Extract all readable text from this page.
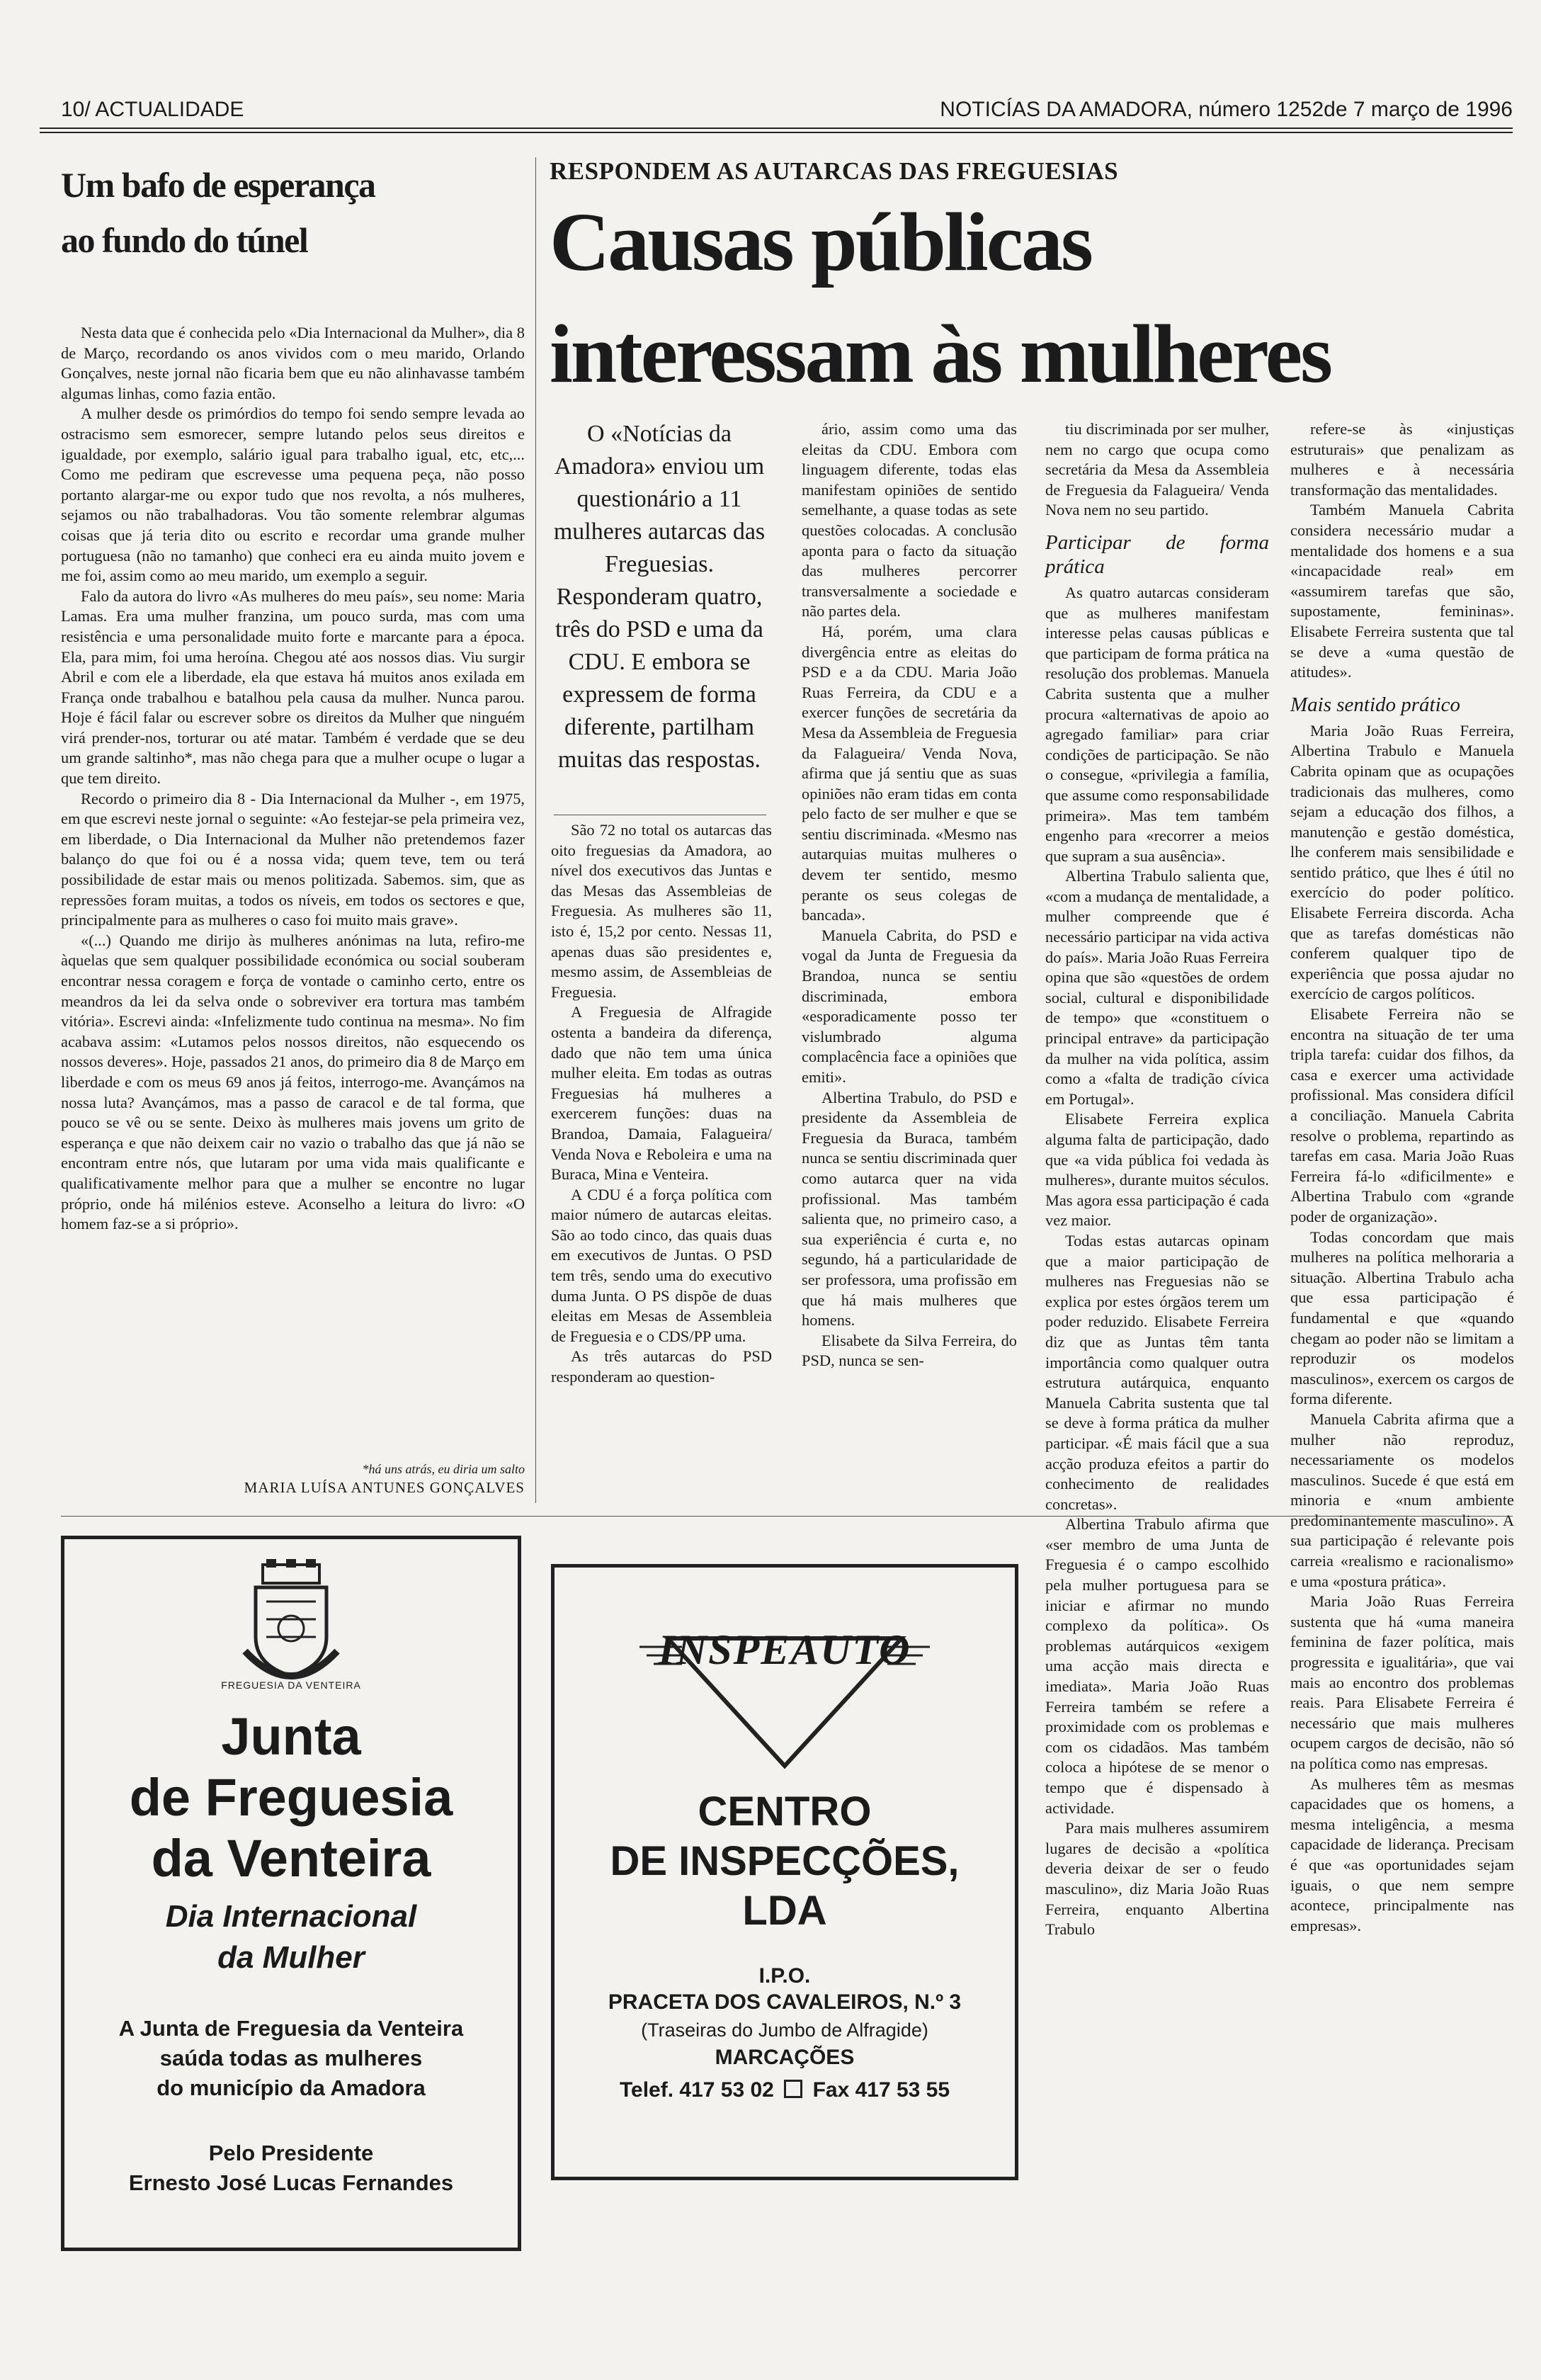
10/ ACTUALIDADE	NOTICÍAS DA AMADORA, número 1252de 7 março de 1996
Um bafo de esperança
ao fundo do túnel

Nesta data que é conhecida pelo «Dia Internacional da Mulher», dia 8 de Março, recordando os anos vividos com o meu marido, Orlando Gonçalves, neste jornal não ficaria bem que eu não alinhavasse também algumas linhas, como fazia então.

A mulher desde os primórdios do tempo foi sendo sempre levada ao ostracismo sem esmorecer, sempre lutando pelos seus direitos e igualdade, por exemplo, salário igual para trabalho igual, etc, etc,... Como me pediram que escrevesse uma pequena peça, não posso portanto alargar-me ou expor tudo que nos revolta, a nós mulheres, sejamos ou não trabalhadoras. Vou tão somente relembrar algumas coisas que já teria dito ou escrito e recordar uma grande mulher portuguesa (não no tamanho) que conheci era eu ainda muito jovem e me foi, assim como ao meu marido, um exemplo a seguir.

Falo da autora do livro «As mulheres do meu país», seu nome: Maria Lamas. Era uma mulher franzina, um pouco surda, mas com uma resistência e uma personalidade muito forte e marcante para a época. Ela, para mim, foi uma heroína. Chegou até aos nossos dias. Viu surgir Abril e com ele a liberdade, ela que estava há muitos anos exilada em França onde trabalhou e batalhou pela causa da mulher. Nunca parou. Hoje é fácil falar ou escrever sobre os direitos da Mulher que ninguém virá prender-nos, torturar ou até matar. Também é verdade que se deu um grande saltinho*, mas não chega para que a mulher ocupe o lugar a que tem direito.

Recordo o primeiro dia 8 - Dia Internacional da Mulher -, em 1975, em que escrevi neste jornal o seguinte: «Ao festejar-se pela primeira vez, em liberdade, o Dia Internacional da Mulher não pretendemos fazer balanço do que foi ou é a nossa vida; quem teve, tem ou terá possibilidade de estar mais ou menos politizada. Sabemos. sim, que as repressões foram muitas, a todos os níveis, em todos os sectores e que, principalmente para as mulheres o caso foi muito mais grave».

«(...) Quando me dirijo às mulheres anónimas na luta, refiro-me àquelas que sem qualquer possibilidade económica ou social souberam encontrar nessa coragem e força de vontade o caminho certo, entre os meandros da lei da selva onde o sobreviver era tortura mas também vitória». Escrevi ainda: «Infelizmente tudo continua na mesma». No fim acabava assim: «Lutamos pelos nossos direitos, não esquecendo os nossos deveres». Hoje, passados 21 anos, do primeiro dia 8 de Março em liberdade e com os meus 69 anos já feitos, interrogo-me. Avançámos na nossa luta? Avançámos, mas a passo de caracol e de tal forma, que pouco se vê ou se sente. Deixo às mulheres mais jovens um grito de esperança e que não deixem cair no vazio o trabalho das que já não se encontram entre nós, que lutaram por uma vida mais qualificante e qualificativamente melhor para que a mulher se encontre no lugar próprio, onde há milénios esteve. Aconselho a leitura do livro: «O homem faz-se a si próprio».

*há uns atrás, eu diria um salto
MARIA LUÍSA ANTUNES GONÇALVES
RESPONDEM AS AUTARCAS DAS FREGUESIAS
Causas públicas
interessam às mulheres
O «Notícias da Amadora» enviou um questionário a 11 mulheres autarcas das Freguesias. Responderam quatro, três do PSD e uma da CDU. E embora se expressem de forma diferente, partilham muitas das respostas.

São 72 no total os autarcas das oito freguesias da Amadora, ao nível dos executivos das Juntas e das Mesas das Assembleias de Freguesia. As mulheres são 11, isto é, 15,2 por cento. Nessas 11, apenas duas são presidentes e, mesmo assim, de Assembleias de Freguesia.

A Freguesia de Alfragide ostenta a bandeira da diferença, dado que não tem uma única mulher eleita. Em todas as outras Freguesias há mulheres a exercerem funções: duas na Brandoa, Damaia, Falagueira/ Venda Nova e Reboleira e uma na Buraca, Mina e Venteira.

A CDU é a força política com maior número de autarcas eleitas. São ao todo cinco, das quais duas em executivos de Juntas. O PSD tem três, sendo uma do executivo duma Junta. O PS dispõe de duas eleitas em Mesas de Assembleia de Freguesia e o CDS/PP uma.

As três autarcas do PSD responderam ao question-

ário, assim como uma das eleitas da CDU. Embora com linguagem diferente, todas elas manifestam opiniões de sentido semelhante, a quase todas as sete questões colocadas. A conclusão aponta para o facto da situação das mulheres percorrer transversalmente a sociedade e não partes dela.

Há, porém, uma clara divergência entre as eleitas do PSD e a da CDU. Maria João Ruas Ferreira, da CDU e a exercer funções de secretária da Mesa da Assembleia de Freguesia da Falagueira/ Venda Nova, afirma que já sentiu que as suas opiniões não eram tidas em conta pelo facto de ser mulher e que se sentiu discriminada. «Mesmo nas autarquias muitas mulheres o devem ter sentido, mesmo perante os seus colegas de bancada».

Manuela Cabrita, do PSD e vogal da Junta de Freguesia da Brandoa, nunca se sentiu discriminada, embora «esporadicamente posso ter vislumbrado alguma complacência face a opiniões que emiti».

Albertina Trabulo, do PSD e presidente da Assembleia de Freguesia da Buraca, também nunca se sentiu discriminada quer como autarca quer na vida profissional. Mas também salienta que, no primeiro caso, a sua experiência é curta e, no segundo, há a particularidade de ser professora, uma profissão em que há mais mulheres que homens.

Elisabete da Silva Ferreira, do PSD, nunca se sen-

tiu discriminada por ser mulher, nem no cargo que ocupa como secretária da Mesa da Assembleia de Freguesia da Falagueira/ Venda Nova nem no seu partido.

Participar de forma prática

As quatro autarcas consideram que as mulheres manifestam interesse pelas causas públicas e que participam de forma prática na resolução dos problemas. Manuela Cabrita sustenta que a mulher procura «alternativas de apoio ao agregado familiar» para criar condições de participação. Se não o consegue, «privilegia a família, que assume como responsabilidade primeira». Mas tem também engenho para «recorrer a meios que supram a sua ausência».

Albertina Trabulo salienta que, «com a mudança de mentalidade, a mulher compreende que é necessário participar na vida activa do país». Maria João Ruas Ferreira opina que são «questões de ordem social, cultural e disponibilidade de tempo» que «constituem o principal entrave» da participação da mulher na vida política, assim como a «falta de tradição cívica em Portugal».

Elisabete Ferreira explica alguma falta de participação, dado que «a vida pública foi vedada às mulheres», durante muitos séculos. Mas agora essa participação é cada vez maior.

Todas estas autarcas opinam que a maior participação de mulheres nas Freguesias não se explica por estes órgãos terem um poder reduzido. Elisabete Ferreira diz que as Juntas têm tanta importância como qualquer outra estrutura autárquica, enquanto Manuela Cabrita sustenta que tal se deve à forma prática da mulher participar. «É mais fácil que a sua acção produza efeitos a partir do conhecimento de realidades concretas».

Albertina Trabulo afirma que «ser membro de uma Junta de Freguesia é o campo escolhido pela mulher portuguesa para se iniciar e afirmar no mundo complexo da política». Os problemas autárquicos «exigem uma acção mais directa e imediata». Maria João Ruas Ferreira também se refere a proximidade com os problemas e com os cidadãos. Mas também coloca a hipótese de se menor o tempo que é dispensado à actividade.

Para mais mulheres assumirem lugares de decisão a «política deveria deixar de ser o feudo masculino», diz Maria João Ruas Ferreira, enquanto Albertina Trabulo

refere-se às «injustiças estruturais» que penalizam as mulheres e à necessária transformação das mentalidades.

Também Manuela Cabrita considera necessário mudar a mentalidade dos homens e a sua «incapacidade real» em «assumirem tarefas que são, supostamente, femininas». Elisabete Ferreira sustenta que tal se deve a «uma questão de atitudes».

Mais sentido prático

Maria João Ruas Ferreira, Albertina Trabulo e Manuela Cabrita opinam que as ocupações tradicionais das mulheres, como sejam a educação dos filhos, a manutenção e gestão doméstica, lhe conferem mais sensibilidade e sentido prático, que lhes é útil no exercício do poder político. Elisabete Ferreira discorda. Acha que as tarefas domésticas não conferem qualquer tipo de experiência que possa ajudar no exercício de cargos políticos.

Elisabete Ferreira não se encontra na situação de ter uma tripla tarefa: cuidar dos filhos, da casa e exercer uma actividade profissional. Mas considera difícil a conciliação. Manuela Cabrita resolve o problema, repartindo as tarefas em casa. Maria João Ruas Ferreira fá-lo «dificilmente» e Albertina Trabulo com «grande poder de organização».

Todas concordam que mais mulheres na política melhoraria a situação. Albertina Trabulo acha que essa participação é fundamental e que «quando chegam ao poder não se limitam a reproduzir os modelos masculinos», exercem os cargos de forma diferente.

Manuela Cabrita afirma que a mulher não reproduz, necessariamente os modelos masculinos. Sucede é que está em minoria e «num ambiente predominantemente masculino». A sua participação é relevante pois carreia «realismo e racionalismo» e uma «postura prática».

Maria João Ruas Ferreira sustenta que há «uma maneira feminina de fazer política, mais progressita e igualitária», que vai mais ao encontro dos problemas reais. Para Elisabete Ferreira é necessário que mais mulheres ocupem cargos de decisão, não só na política como nas empresas.

As mulheres têm as mesmas capacidades que os homens, a mesma inteligência, a mesma capacidade de liderança. Precisam é que «as oportunidades sejam iguais, o que nem sempre acontece, principalmente nas empresas».

FREGUESIA DA VENTEIRA
Junta
de Freguesia
da Venteira
Dia Internacional
da Mulher
A Junta de Freguesia da Venteira
saúda todas as mulheres
do município da Amadora
Pelo Presidente
Ernesto José Lucas Fernandes
INSPEAUTO
CENTRO
DE INSPECÇÕES,
LDA
I.P.O.
PRACETA DOS CAVALEIROS, N.º 3
(Traseiras do Jumbo de Alfragide)
MARCAÇÕES
Telef. 417 53 02 Fax 417 53 55
